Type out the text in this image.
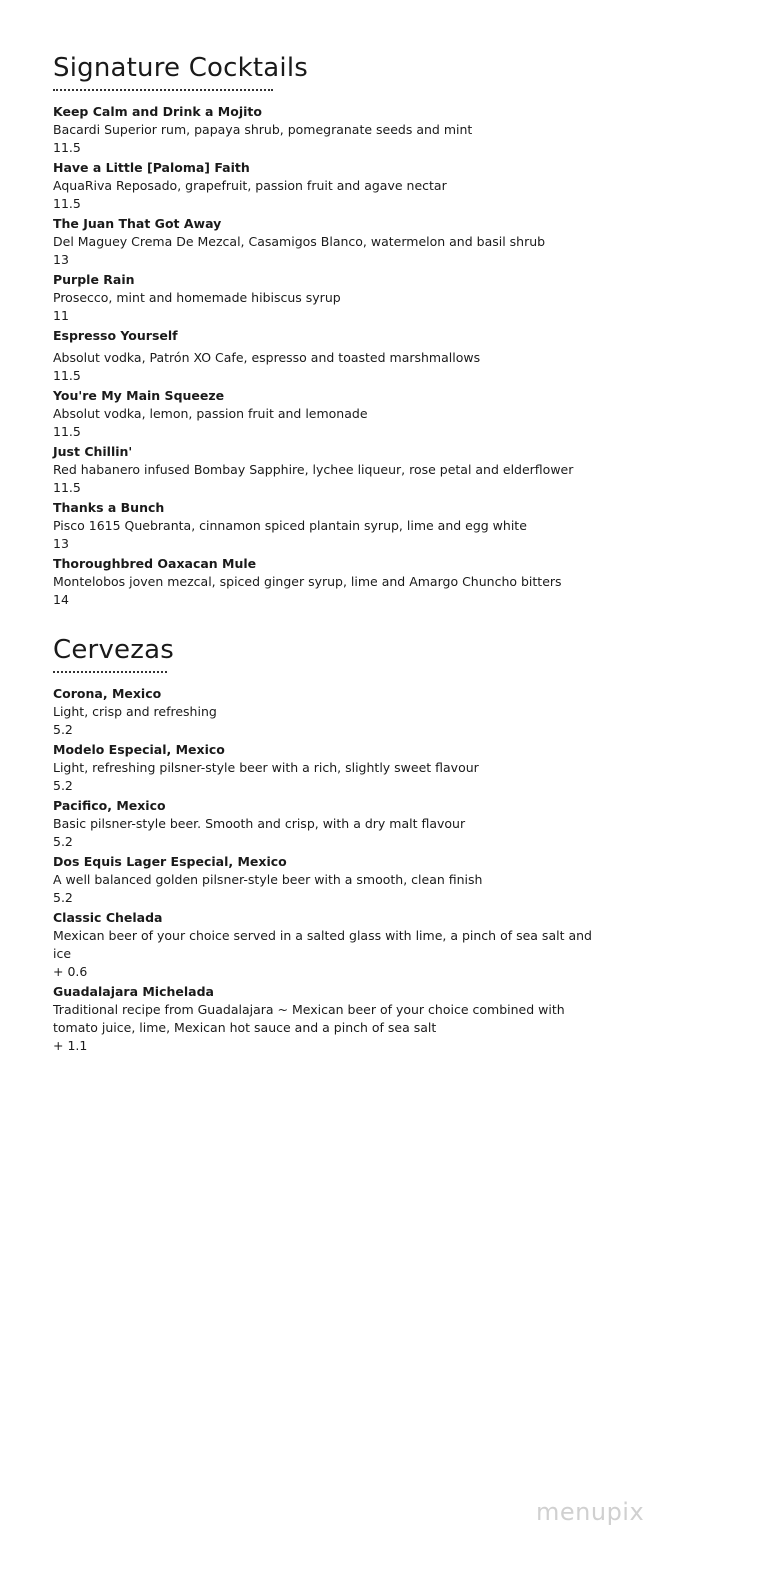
Signature Cocktails
Keep Calm and Drink a Mojito
Bacardi Superior rum, papaya shrub, pomegranate seeds and mint
11.5
Have a Little [Paloma] Faith
AquaRiva Reposado, grapefruit, passion fruit and agave nectar
11.5
The Juan That Got Away
Del Maguey Crema De Mezcal, Casamigos Blanco, watermelon and basil shrub
13
Purple Rain
Prosecco, mint and homemade hibiscus syrup
11
Espresso Yourself
Absolut vodka, Patrón XO Cafe, espresso and toasted marshmallows
11.5
You're My Main Squeeze
Absolut vodka, lemon, passion fruit and lemonade
11.5
Just Chillin'
Red habanero infused Bombay Sapphire, lychee liqueur, rose petal and elderflower
11.5
Thanks a Bunch
Pisco 1615 Quebranta, cinnamon spiced plantain syrup, lime and egg white
13
Thoroughbred Oaxacan Mule
Montelobos joven mezcal, spiced ginger syrup, lime and Amargo Chuncho bitters
14
Cervezas
Corona, Mexico
Light, crisp and refreshing
5.2
Modelo Especial, Mexico
Light, refreshing pilsner-style beer with a rich, slightly sweet flavour
5.2
Pacifico, Mexico
Basic pilsner-style beer. Smooth and crisp, with a dry malt flavour
5.2
Dos Equis Lager Especial, Mexico
A well balanced golden pilsner-style beer with a smooth, clean finish
5.2
Classic Chelada
Mexican beer of your choice served in a salted glass with lime, a pinch of sea salt and ice
+ 0.6
Guadalajara Michelada
Traditional recipe from Guadalajara ~ Mexican beer of your choice combined with tomato juice, lime, Mexican hot sauce and a pinch of sea salt
+ 1.1
menupix
